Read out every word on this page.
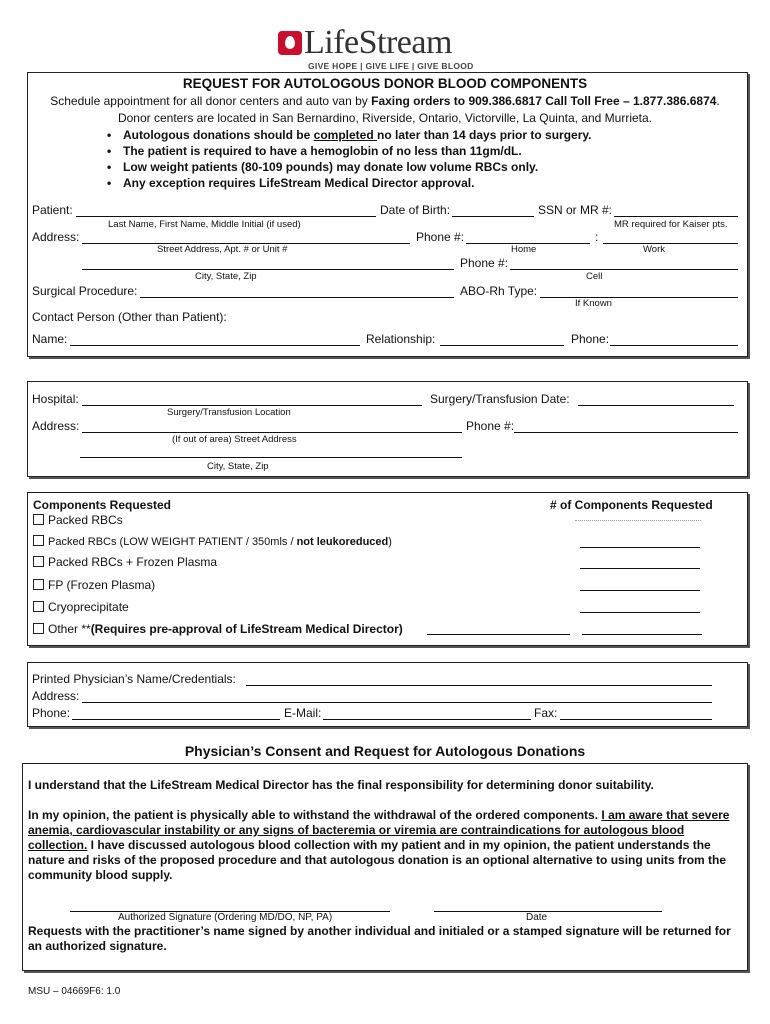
LifeStream
GIVE HOPE | GIVE LIFE | GIVE BLOOD
REQUEST FOR AUTOLOGOUS DONOR BLOOD COMPONENTS
Schedule appointment for all donor centers and auto van by Faxing orders to 909.386.6817 Call Toll Free – 1.877.386.6874.
Donor centers are located in San Bernardino, Riverside, Ontario, Victorville, La Quinta, and Murrieta.
• Autologous donations should be completed no later than 14 days prior to surgery.
• The patient is required to have a hemoglobin of no less than 11gm/dL.
• Low weight patients (80-109 pounds) may donate low volume RBCs only.
• Any exception requires LifeStream Medical Director approval.
Patient:
Last Name, First Name, Middle Initial (if used)
Date of Birth:	SSN or MR #:
MR required for Kaiser pts.
Address:
Street Address, Apt. # or Unit #
Phone #:	:
Home	Work
City, State, Zip
Phone #:
Cell
Surgical Procedure:	ABO-Rh Type:
If Known
Contact Person (Other than Patient):
Name:	Relationship:	Phone:
Hospital:
Surgery/Transfusion Location
Surgery/Transfusion Date:
Address:
(If out of area) Street Address
Phone #:
City, State, Zip
Components Requested	# of Components Requested
Packed RBCs
Packed RBCs (LOW WEIGHT PATIENT / 350mls / not leukoreduced)
Packed RBCs + Frozen Plasma
FP (Frozen Plasma)
Cryoprecipitate
Other **(Requires pre-approval of LifeStream Medical Director)
Printed Physician’s Name/Credentials:
Address:
Phone:	E-Mail:	Fax:
Physician’s Consent and Request for Autologous Donations
I understand that the LifeStream Medical Director has the final responsibility for determining donor suitability.
In my opinion, the patient is physically able to withstand the withdrawal of the ordered components. I am aware that severe anemia, cardiovascular instability or any signs of bacteremia or viremia are contraindications for autologous blood collection. I have discussed autologous blood collection with my patient and in my opinion, the patient understands the nature and risks of the proposed procedure and that autologous donation is an optional alternative to using units from the community blood supply.
Authorized Signature (Ordering MD/DO, NP, PA)	Date
Requests with the practitioner’s name signed by another individual and initialed or a stamped signature will be returned for an authorized signature.
MSU – 04669F6: 1.0
